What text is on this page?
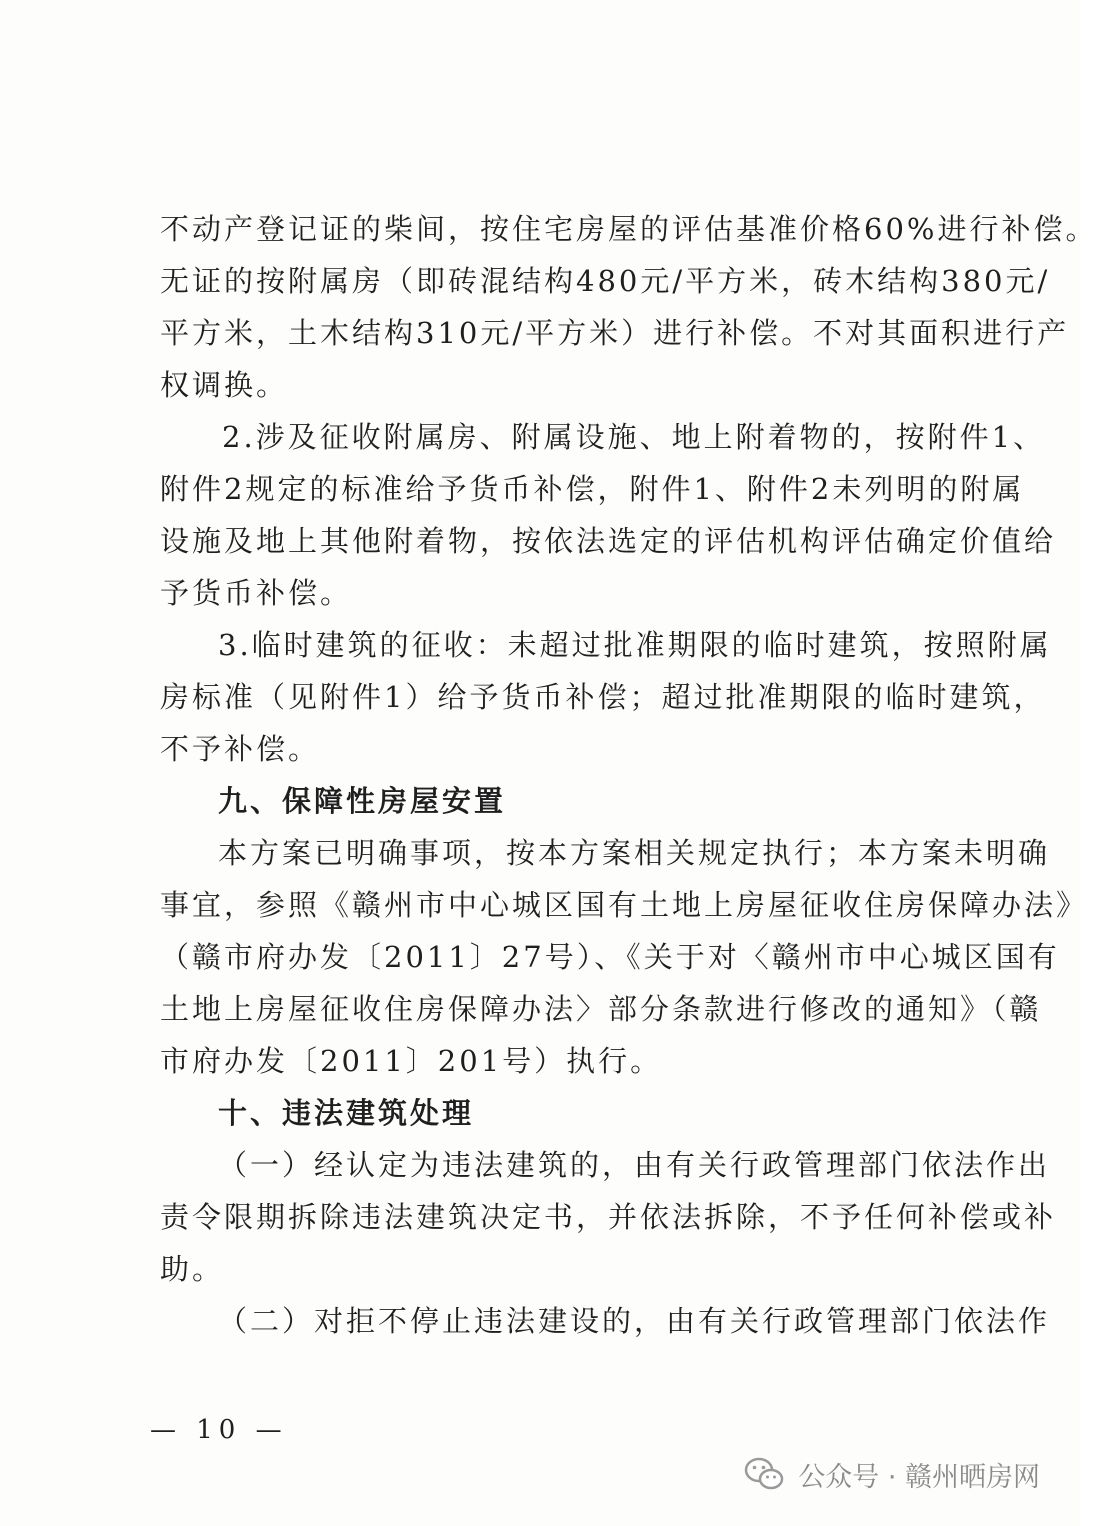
不动产登记证的柴间，按住宅房屋的评估基准价格60%进行补偿。
无证的按附属房（即砖混结构480元/平方米，砖木结构380元/
平方米，土木结构310元/平方米）进行补偿。不对其面积进行产
权调换。
2.涉及征收附属房、附属设施、地上附着物的，按附件1、
附件2规定的标准给予货币补偿，附件1、附件2未列明的附属
设施及地上其他附着物，按依法选定的评估机构评估确定价值给
予货币补偿。
3.临时建筑的征收：未超过批准期限的临时建筑，按照附属
房标准（见附件1）给予货币补偿；超过批准期限的临时建筑，
不予补偿。
九、保障性房屋安置
本方案已明确事项，按本方案相关规定执行；本方案未明确
事宜，参照《赣州市中心城区国有土地上房屋征收住房保障办法》
（赣市府办发〔2011〕27号）、《关于对〈赣州市中心城区国有
土地上房屋征收住房保障办法〉部分条款进行修改的通知》（赣
市府办发〔2011〕201号）执行。
十、违法建筑处理
（一）经认定为违法建筑的，由有关行政管理部门依法作出
责令限期拆除违法建筑决定书，并依法拆除，不予任何补偿或补
助。
（二）对拒不停止违法建设的，由有关行政管理部门依法作
— 10 —
公众号 · 赣州晒房网
